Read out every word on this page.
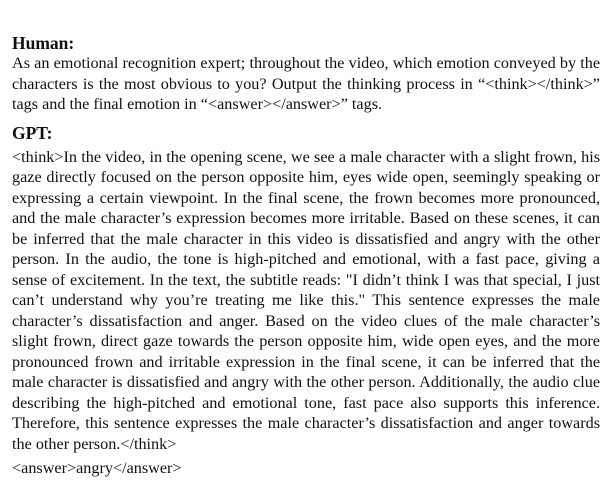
Human:

As an emotional recognition expert; throughout the video, which emotion conveyed by the characters is the most obvious to you? Output the thinking process in “<think></think>” tags and the final emotion in “<answer></answer>” tags.

GPT:

<think>In the video, in the opening scene, we see a male character with a slight frown, his gaze directly focused on the person opposite him, eyes wide open, seemingly speaking or expressing a certain viewpoint. In the final scene, the frown becomes more pronounced, and the male character’s expression becomes more irritable. Based on these scenes, it can be inferred that the male character in this video is dissatisfied and angry with the other person. In the audio, the tone is high-pitched and emotional, with a fast pace, giving a sense of excitement. In the text, the subtitle reads: "I didn’t think I was that special, I just can’t understand why you’re treating me like this." This sentence expresses the male character’s dissatisfaction and anger. Based on the video clues of the male character’s slight frown, direct gaze towards the person opposite him, wide open eyes, and the more pronounced frown and irritable expression in the final scene, it can be inferred that the male character is dissatisfied and angry with the other person. Additionally, the audio clue describing the high-pitched and emotional tone, fast pace also supports this inference. Therefore, this sentence expresses the male character’s dissatisfaction and anger towards the other person.</think>

<answer>angry</answer>
